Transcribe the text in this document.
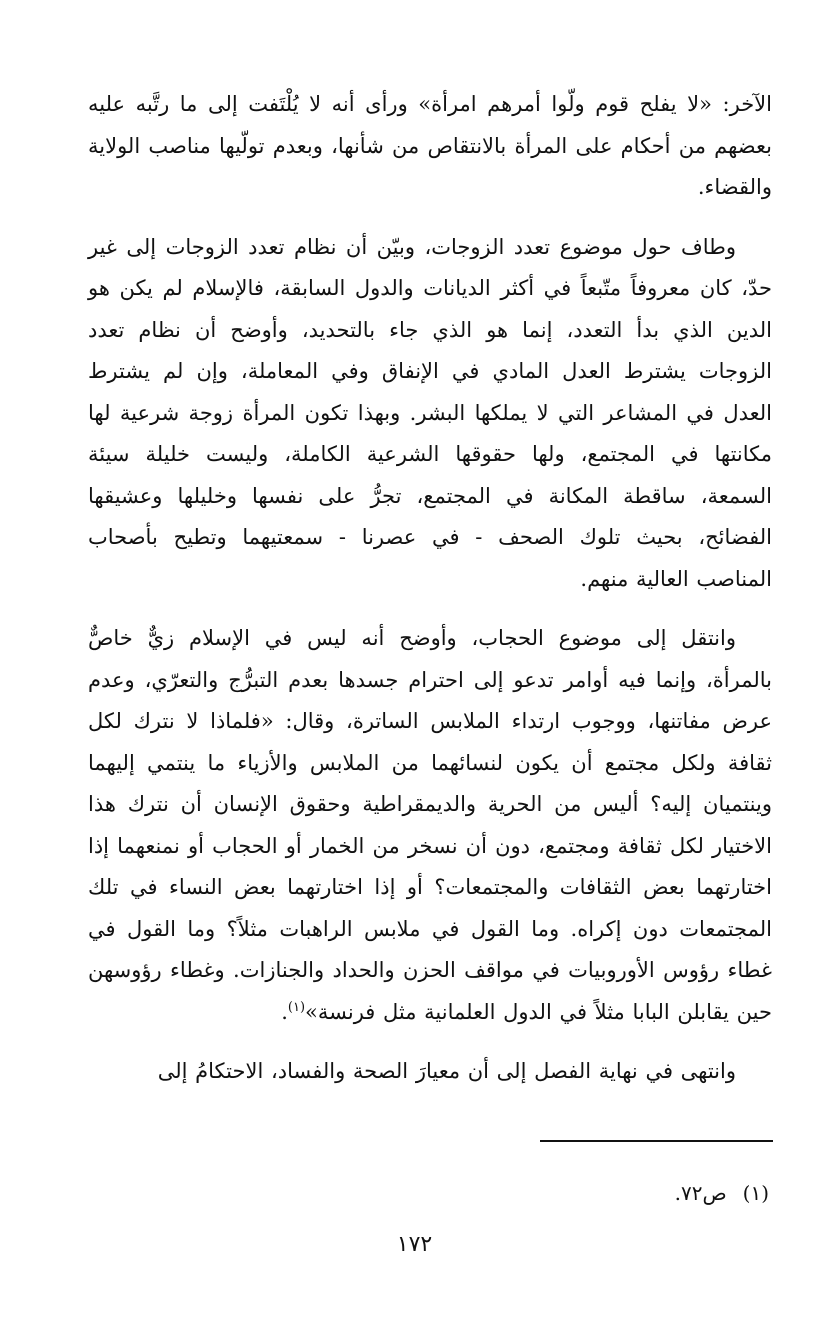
الآخر: «لا يفلح قوم ولّوا أمرهم امرأة» ورأى أنه لا يُلْتَفت إلى ما رتَّبه عليه بعضهم من أحكام على المرأة بالانتقاص من شأنها، وبعدم تولّيها مناصب الولاية والقضاء.

وطاف حول موضوع تعدد الزوجات، وبيّن أن نظام تعدد الزوجات إلى غير حدّ، كان معروفاً متّبعاً في أكثر الديانات والدول السابقة، فالإسلام لم يكن هو الدين الذي بدأ التعدد، إنما هو الذي جاء بالتحديد، وأوضح أن نظام تعدد الزوجات يشترط العدل المادي في الإنفاق وفي المعاملة، وإن لم يشترط العدل في المشاعر التي لا يملكها البشر. وبهذا تكون المرأة زوجة شرعية لها مكانتها في المجتمع، ولها حقوقها الشرعية الكاملة، وليست خليلة سيئة السمعة، ساقطة المكانة في المجتمع، تجرُّ على نفسها وخليلها وعشيقها الفضائح، بحيث تلوك الصحف - في عصرنا - سمعتيهما وتطيح بأصحاب المناصب العالية منهم.

وانتقل إلى موضوع الحجاب، وأوضح أنه ليس في الإسلام زيٌّ خاصٌّ بالمرأة، وإنما فيه أوامر تدعو إلى احترام جسدها بعدم التبرُّج والتعرّي، وعدم عرض مفاتنها، ووجوب ارتداء الملابس الساترة، وقال: «فلماذا لا نترك لكل ثقافة ولكل مجتمع أن يكون لنسائهما من الملابس والأزياء ما ينتمي إليهما وينتميان إليه؟ أليس من الحرية والديمقراطية وحقوق الإنسان أن نترك هذا الاختيار لكل ثقافة ومجتمع، دون أن نسخر من الخمار أو الحجاب أو نمنعهما إذا اختارتهما بعض الثقافات والمجتمعات؟ أو إذا اختارتهما بعض النساء في تلك المجتمعات دون إكراه. وما القول في ملابس الراهبات مثلاً؟ وما القول في غطاء رؤوس الأوروبيات في مواقف الحزن والحداد والجنازات. وغطاء رؤوسهن حين يقابلن البابا مثلاً في الدول العلمانية مثل فرنسة»$^{(١)}$.

وانتهى في نهاية الفصل إلى أن معيارَ الصحة والفساد، الاحتكامُ إلى

(١)ص٧٢.
١٧٢
